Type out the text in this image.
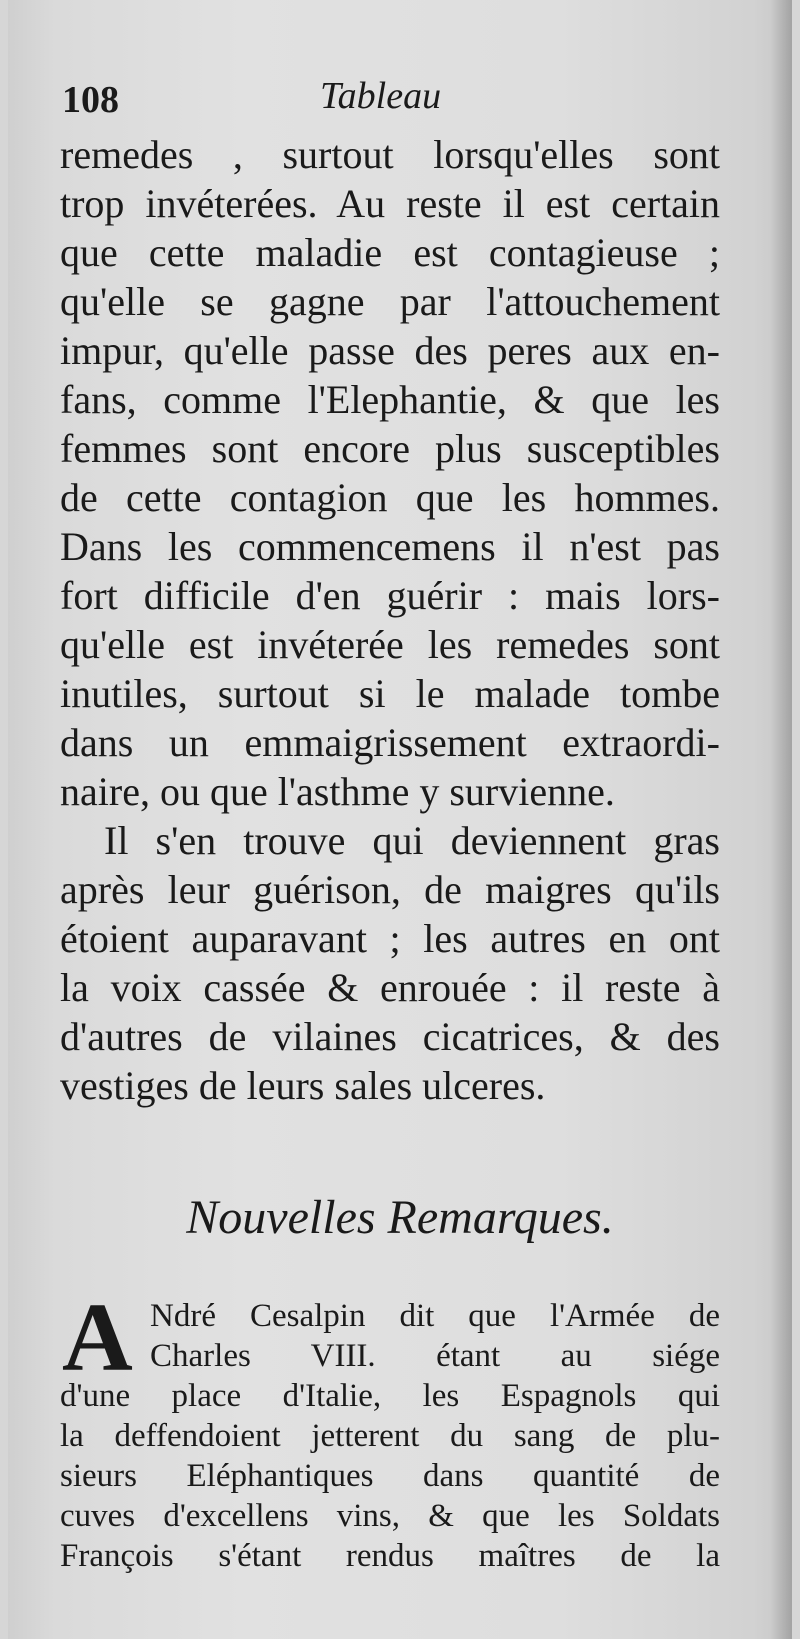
108	Tableau
remedes , surtout lorsqu'elles sont
trop invéterées. Au reste il est certain
que cette maladie est contagieuse ;
qu'elle se gagne par l'attouchement
impur, qu'elle passe des peres aux en-
fans, comme l'Elephantie, & que les
femmes sont encore plus susceptibles
de cette contagion que les hommes.
Dans les commencemens il n'est pas
fort difficile d'en guérir : mais lors-
qu'elle est invéterée les remedes sont
inutiles, surtout si le malade tombe
dans un emmaigrissement extraordi-
naire, ou que l'asthme y survienne.
Il s'en trouve qui deviennent gras
après leur guérison, de maigres qu'ils
étoient auparavant ; les autres en ont
la voix cassée & enrouée : il reste à
d'autres de vilaines cicatrices, & des
vestiges de leurs sales ulceres.
Nouvelles Remarques.
A Ndré Cesalpin dit que l'Armée de
Charles VIII. étant au siége
d'une place d'Italie, les Espagnols qui
la deffendoient jetterent du sang de plu-
sieurs Eléphantiques dans quantité de
cuves d'excellens vins, & que les Soldats
François s'étant rendus maîtres de la
